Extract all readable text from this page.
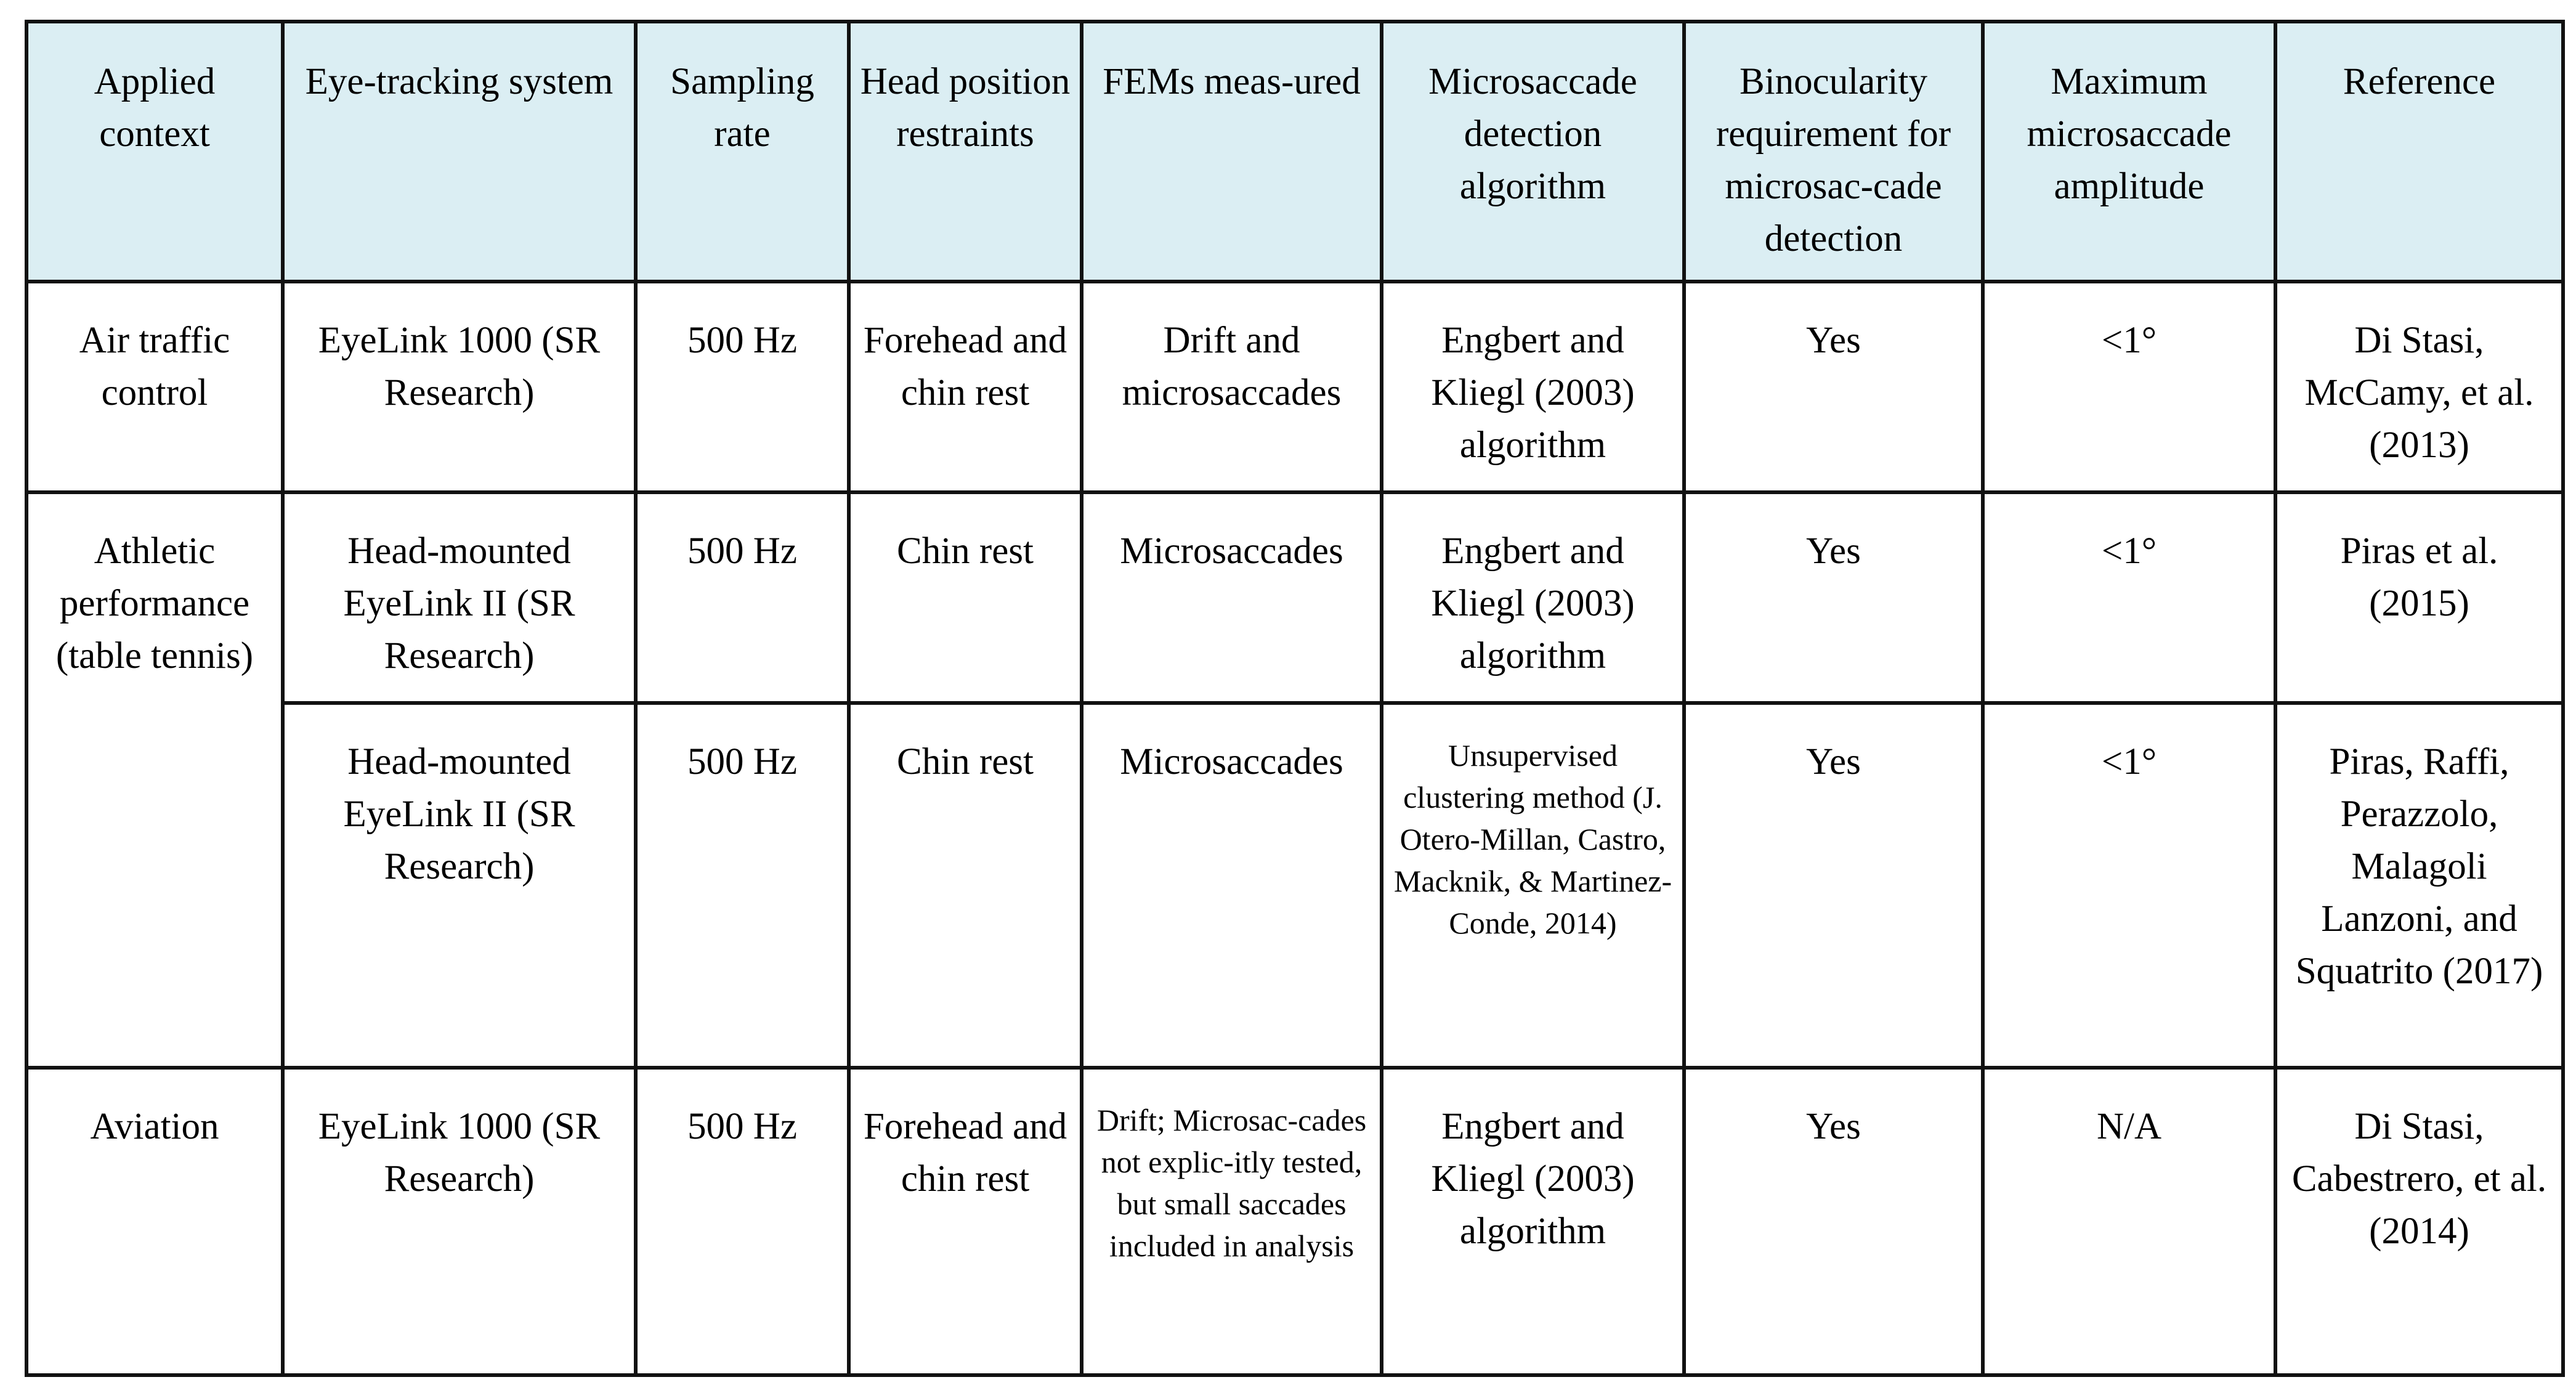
Applied context	Eye-tracking system	Sampling rate	Head position restraints	FEMs meas-ured	Microsaccade detection algorithm	Binocularity requirement for microsac-cade detection	Maximum microsaccade amplitude	Reference
Air traffic control	EyeLink 1000 (SR Research)	500 Hz	Forehead and chin rest	Drift and microsaccades	Engbert and Kliegl (2003) algorithm	Yes	<1°	Di Stasi, McCamy, et al. (2013)
Athletic performance (table tennis)	Head-mounted EyeLink II (SR Research)	500 Hz	Chin rest	Microsaccades	Engbert and Kliegl (2003) algorithm	Yes	<1°	Piras et al. (2015)
	Head-mounted EyeLink II (SR Research)	500 Hz	Chin rest	Microsaccades	Unsupervised clustering method (J. Otero-Millan, Castro, Macknik, & Martinez-Conde, 2014)	Yes	<1°	Piras, Raffi, Perazzolo, Malagoli Lanzoni, and Squatrito (2017)
Aviation	EyeLink 1000 (SR Research)	500 Hz	Forehead and chin rest	Drift; Microsac-cades not explic-itly tested, but small saccades included in analysis	Engbert and Kliegl (2003) algorithm	Yes	N/A	Di Stasi, Cabestrero, et al. (2014)
